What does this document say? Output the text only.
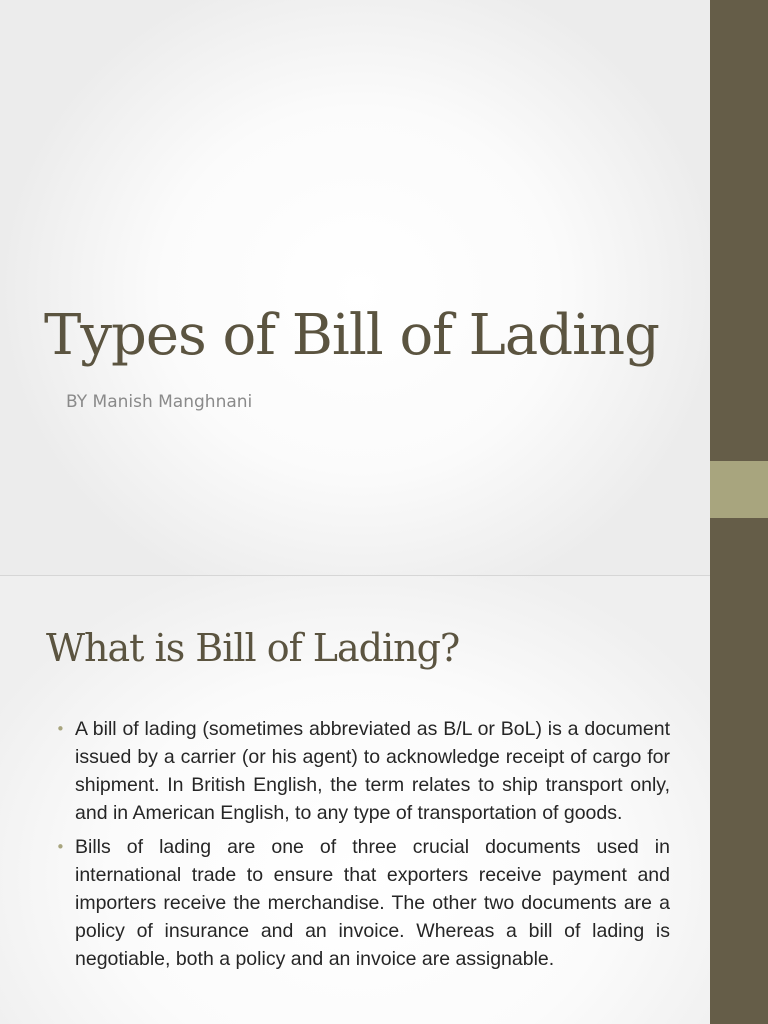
Types of Bill of Lading

BY Manish Manghnani

What is Bill of Lading?
• A bill of lading (sometimes abbreviated as B/L or BoL) is a document issued by a carrier (or his agent) to acknowledge receipt of cargo for shipment. In British English, the term relates to ship transport only, and in American English, to any type of transportation of goods.
• Bills of lading are one of three crucial documents used in international trade to ensure that exporters receive payment and importers receive the merchandise. The other two documents are a policy of insurance and an invoice. Whereas a bill of lading is negotiable, both a policy and an invoice are assignable.
